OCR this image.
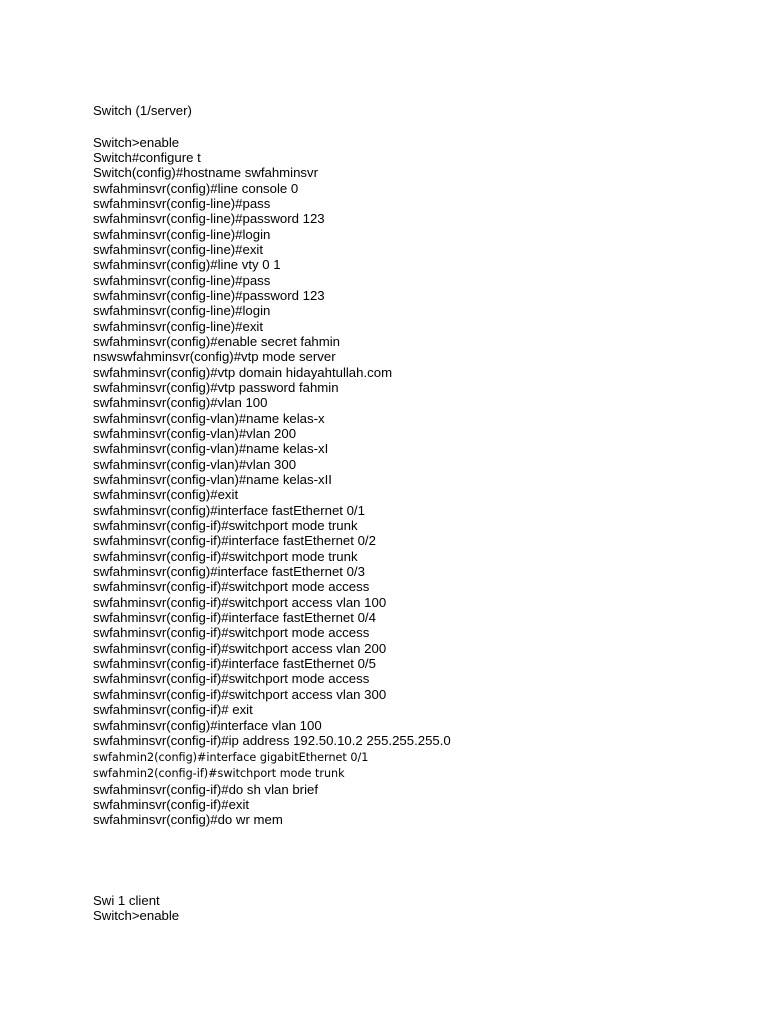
Switch (1/server)
Switch>enable
Switch#configure t
Switch(config)#hostname swfahminsvr
swfahminsvr(config)#line console 0
swfahminsvr(config-line)#pass
swfahminsvr(config-line)#password 123
swfahminsvr(config-line)#login
swfahminsvr(config-line)#exit
swfahminsvr(config)#line vty 0 1
swfahminsvr(config-line)#pass
swfahminsvr(config-line)#password 123
swfahminsvr(config-line)#login
swfahminsvr(config-line)#exit
swfahminsvr(config)#enable secret fahmin
nswswfahminsvr(config)#vtp mode server
swfahminsvr(config)#vtp domain hidayahtullah.com
swfahminsvr(config)#vtp password fahmin
swfahminsvr(config)#vlan 100
swfahminsvr(config-vlan)#name kelas-x
swfahminsvr(config-vlan)#vlan 200
swfahminsvr(config-vlan)#name kelas-xI
swfahminsvr(config-vlan)#vlan 300
swfahminsvr(config-vlan)#name kelas-xII
swfahminsvr(config)#exit
swfahminsvr(config)#interface fastEthernet 0/1
swfahminsvr(config-if)#switchport mode trunk
swfahminsvr(config-if)#interface fastEthernet 0/2
swfahminsvr(config-if)#switchport mode trunk
swfahminsvr(config)#interface fastEthernet 0/3
swfahminsvr(config-if)#switchport mode access
swfahminsvr(config-if)#switchport access vlan 100
swfahminsvr(config-if)#interface fastEthernet 0/4
swfahminsvr(config-if)#switchport mode access
swfahminsvr(config-if)#switchport access vlan 200
swfahminsvr(config-if)#interface fastEthernet 0/5
swfahminsvr(config-if)#switchport mode access
swfahminsvr(config-if)#switchport access vlan 300
swfahminsvr(config-if)# exit
swfahminsvr(config)#interface vlan 100
swfahminsvr(config-if)#ip address 192.50.10.2 255.255.255.0
swfahmin2(config)#interface gigabitEthernet 0/1
swfahmin2(config-if)#switchport mode trunk
swfahminsvr(config-if)#do sh vlan brief
swfahminsvr(config-if)#exit
swfahminsvr(config)#do wr mem
Swi 1 client
Switch>enable
